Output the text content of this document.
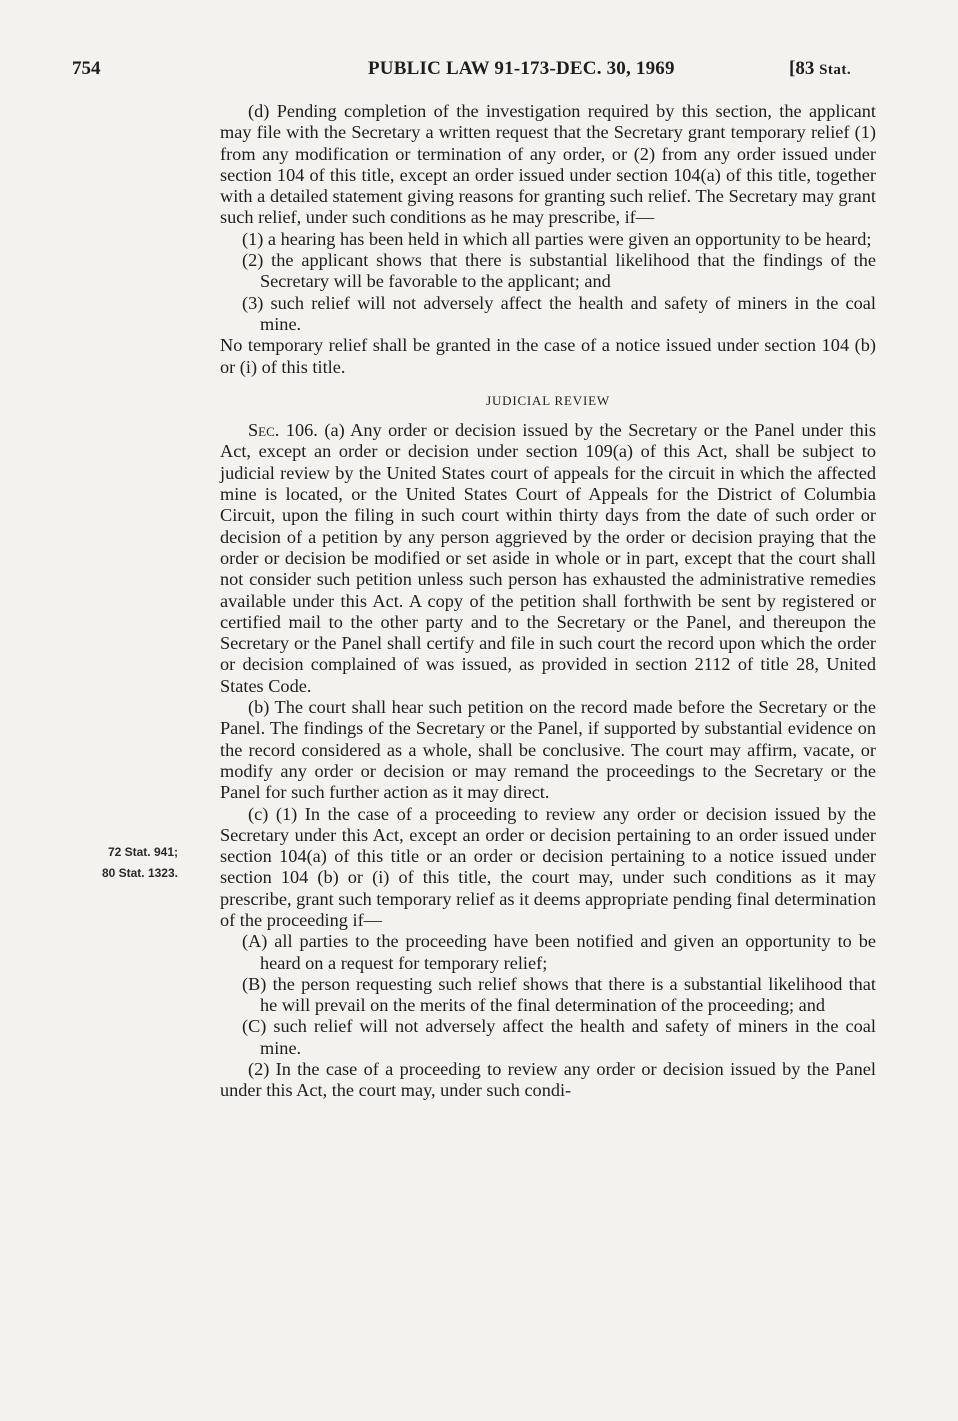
754	PUBLIC LAW 91-173-DEC. 30, 1969	[83 Stat.
72 Stat. 941;
80 Stat. 1323.

(d) Pending completion of the investigation required by this section, the applicant may file with the Secretary a written request that the Secretary grant temporary relief (1) from any modification or termination of any order, or (2) from any order issued under section 104 of this title, except an order issued under section 104(a) of this title, together with a detailed statement giving reasons for granting such relief. The Secretary may grant such relief, under such conditions as he may prescribe, if—

(1) a hearing has been held in which all parties were given an opportunity to be heard;

(2) the applicant shows that there is substantial likelihood that the findings of the Secretary will be favorable to the applicant; and

(3) such relief will not adversely affect the health and safety of miners in the coal mine.

No temporary relief shall be granted in the case of a notice issued under section 104 (b) or (i) of this title.

JUDICIAL REVIEW

Sec. 106. (a) Any order or decision issued by the Secretary or the Panel under this Act, except an order or decision under section 109(a) of this Act, shall be subject to judicial review by the United States court of appeals for the circuit in which the affected mine is located, or the United States Court of Appeals for the District of Columbia Circuit, upon the filing in such court within thirty days from the date of such order or decision of a petition by any person aggrieved by the order or decision praying that the order or decision be modified or set aside in whole or in part, except that the court shall not consider such petition unless such person has exhausted the administrative remedies available under this Act. A copy of the petition shall forthwith be sent by registered or certified mail to the other party and to the Secretary or the Panel, and thereupon the Secretary or the Panel shall certify and file in such court the record upon which the order or decision complained of was issued, as provided in section 2112 of title 28, United States Code.

(b) The court shall hear such petition on the record made before the Secretary or the Panel. The findings of the Secretary or the Panel, if supported by substantial evidence on the record considered as a whole, shall be conclusive. The court may affirm, vacate, or modify any order or decision or may remand the proceedings to the Secretary or the Panel for such further action as it may direct.

(c) (1) In the case of a proceeding to review any order or decision issued by the Secretary under this Act, except an order or decision pertaining to an order issued under section 104(a) of this title or an order or decision pertaining to a notice issued under section 104 (b) or (i) of this title, the court may, under such conditions as it may prescribe, grant such temporary relief as it deems appropriate pending final determination of the proceeding if—

(A) all parties to the proceeding have been notified and given an opportunity to be heard on a request for temporary relief;

(B) the person requesting such relief shows that there is a substantial likelihood that he will prevail on the merits of the final determination of the proceeding; and

(C) such relief will not adversely affect the health and safety of miners in the coal mine.

(2) In the case of a proceeding to review any order or decision issued by the Panel under this Act, the court may, under such condi-
